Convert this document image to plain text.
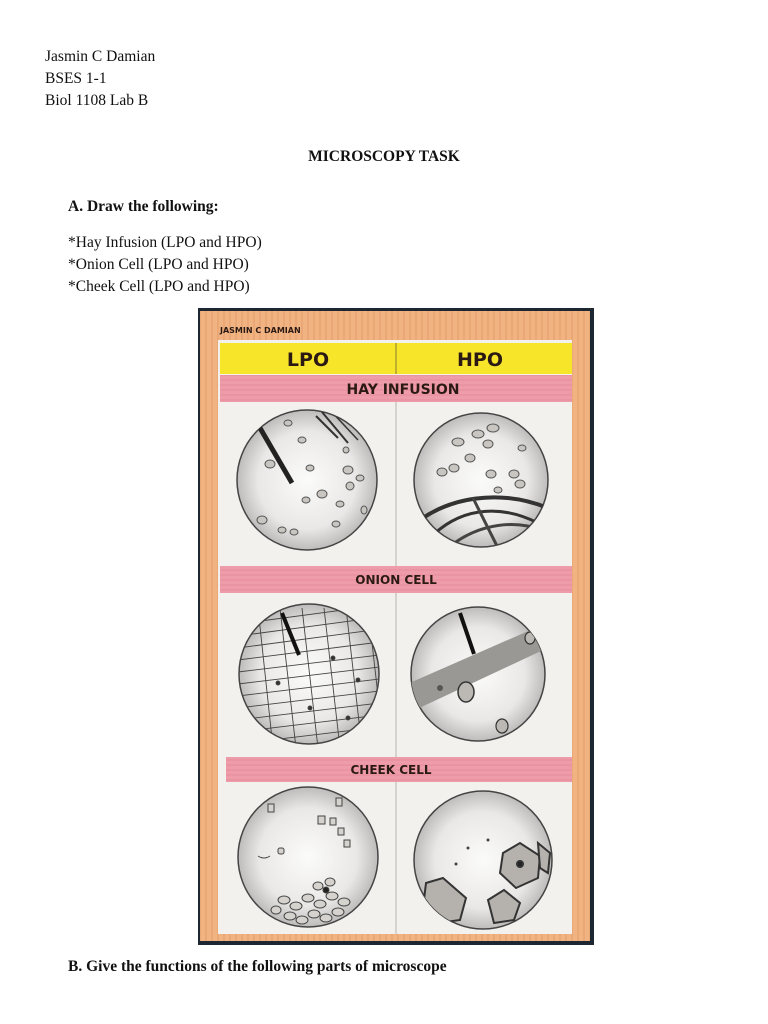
Jasmin C Damian
BSES 1-1
Biol 1108 Lab B
MICROSCOPY TASK
A. Draw the following:
*Hay Infusion (LPO and HPO)
*Onion Cell (LPO and HPO)
*Cheek Cell (LPO and HPO)
JASMIN C DAMIAN
LPO	HPO
HAY INFUSION
ONION CELL
CHEEK CELL
B. Give the functions of the following parts of microscope
